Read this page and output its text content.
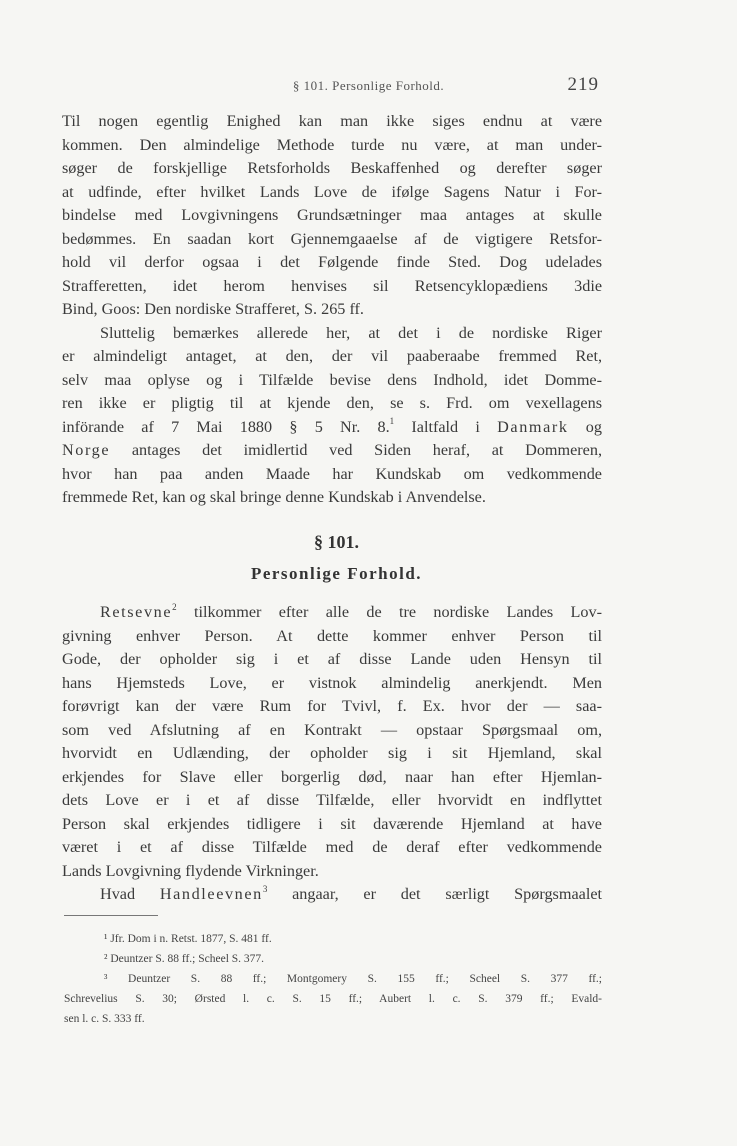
§ 101. Personlige Forhold.	219
Til nogen egentlig Enighed kan man ikke siges endnu at være
kommen. Den almindelige Methode turde nu være, at man under-
søger de forskjellige Retsforholds Beskaffenhed og derefter søger
at udfinde, efter hvilket Lands Love de ifølge Sagens Natur i For-
bindelse med Lovgivningens Grundsætninger maa antages at skulle
bedømmes. En saadan kort Gjennemgaaelse af de vigtigere Retsfor-
hold vil derfor ogsaa i det Følgende finde Sted. Dog udelades
Strafferetten, idet herom henvises sil Retsencyklopædiens 3die
Bind, Goos: Den nordiske Strafferet, S. 265 ff.
Sluttelig bemærkes allerede her, at det i de nordiske Riger
er almindeligt antaget, at den, der vil paaberaabe fremmed Ret,
selv maa oplyse og i Tilfælde bevise dens Indhold, idet Domme-
ren ikke er pligtig til at kjende den, se s. Frd. om vexellagens
införande af 7 Mai 1880 § 5 Nr. 8.$^1$ Ialtfald i Danmark og
Norge antages det imidlertid ved Siden heraf, at Dommeren,
hvor han paa anden Maade har Kundskab om vedkommende
fremmede Ret, kan og skal bringe denne Kundskab i Anvendelse.
§ 101.
Personlige Forhold.
Retsevne$^2$ tilkommer efter alle de tre nordiske Landes Lov-
givning enhver Person. At dette kommer enhver Person til
Gode, der opholder sig i et af disse Lande uden Hensyn til
hans Hjemsteds Love, er vistnok almindelig anerkjendt. Men
forøvrigt kan der være Rum for Tvivl, f. Ex. hvor der — saa-
som ved Afslutning af en Kontrakt — opstaar Spørgsmaal om,
hvorvidt en Udlænding, der opholder sig i sit Hjemland, skal
erkjendes for Slave eller borgerlig død, naar han efter Hjemlan-
dets Love er i et af disse Tilfælde, eller hvorvidt en indflyttet
Person skal erkjendes tidligere i sit daværende Hjemland at have
været i et af disse Tilfælde med de deraf efter vedkommende
Lands Lovgivning flydende Virkninger.
Hvad Handleevnen$^3$ angaar, er det særligt Spørgsmaalet
¹ Jfr. Dom i n. Retst. 1877, S. 481 ff.
² Deuntzer S. 88 ff.; Scheel S. 377.
³ Deuntzer S. 88 ff.; Montgomery S. 155 ff.; Scheel S. 377 ff.;
Schrevelius S. 30; Ørsted l. c. S. 15 ff.; Aubert l. c. S. 379 ff.; Evald-
sen l. c. S. 333 ff.
